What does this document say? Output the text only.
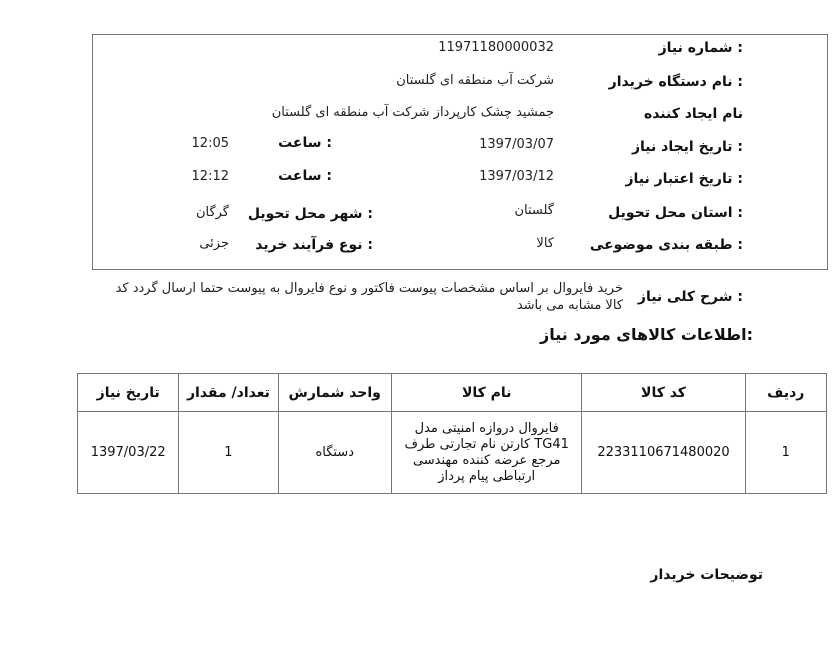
شماره نیاز :
11971180000032
نام دستگاه خریدار :
شرکت آب منطقه ای گلستان
نام ایجاد کننده
جمشید چشک کارپرداز شرکت آب منطقه ای گلستان
تاریخ ایجاد نیاز :
1397/03/07
ساعت :
12:05
تاریخ اعتبار نیاز :
1397/03/12
ساعت :
12:12
استان محل تحویل :
گلستان
شهر محل تحویل :
گرگان
طبقه بندی موضوعی :
کالا
نوع فرآیند خرید :
جزئی
شرح کلی نیاز :
خرید فایروال بر اساس مشخصات پیوست فاکتور و نوع فایروال به پیوست حتما ارسال گردد کد
کالا مشابه می باشد
اطلاعات کالاهای مورد نیاز:
ردیف	کد کالا	نام کالا	واحد شمارش	تعداد/ مقدار	تاریخ نیاز
1	2233110671480020	فایروال دروازه امنیتی مدل
TG41 کارتن نام تجارتی طرف
مرجع عرضه کننده مهندسی
ارتباطی پیام پرداز	دستگاه	1	1397/03/22
توضیحات خریدار
